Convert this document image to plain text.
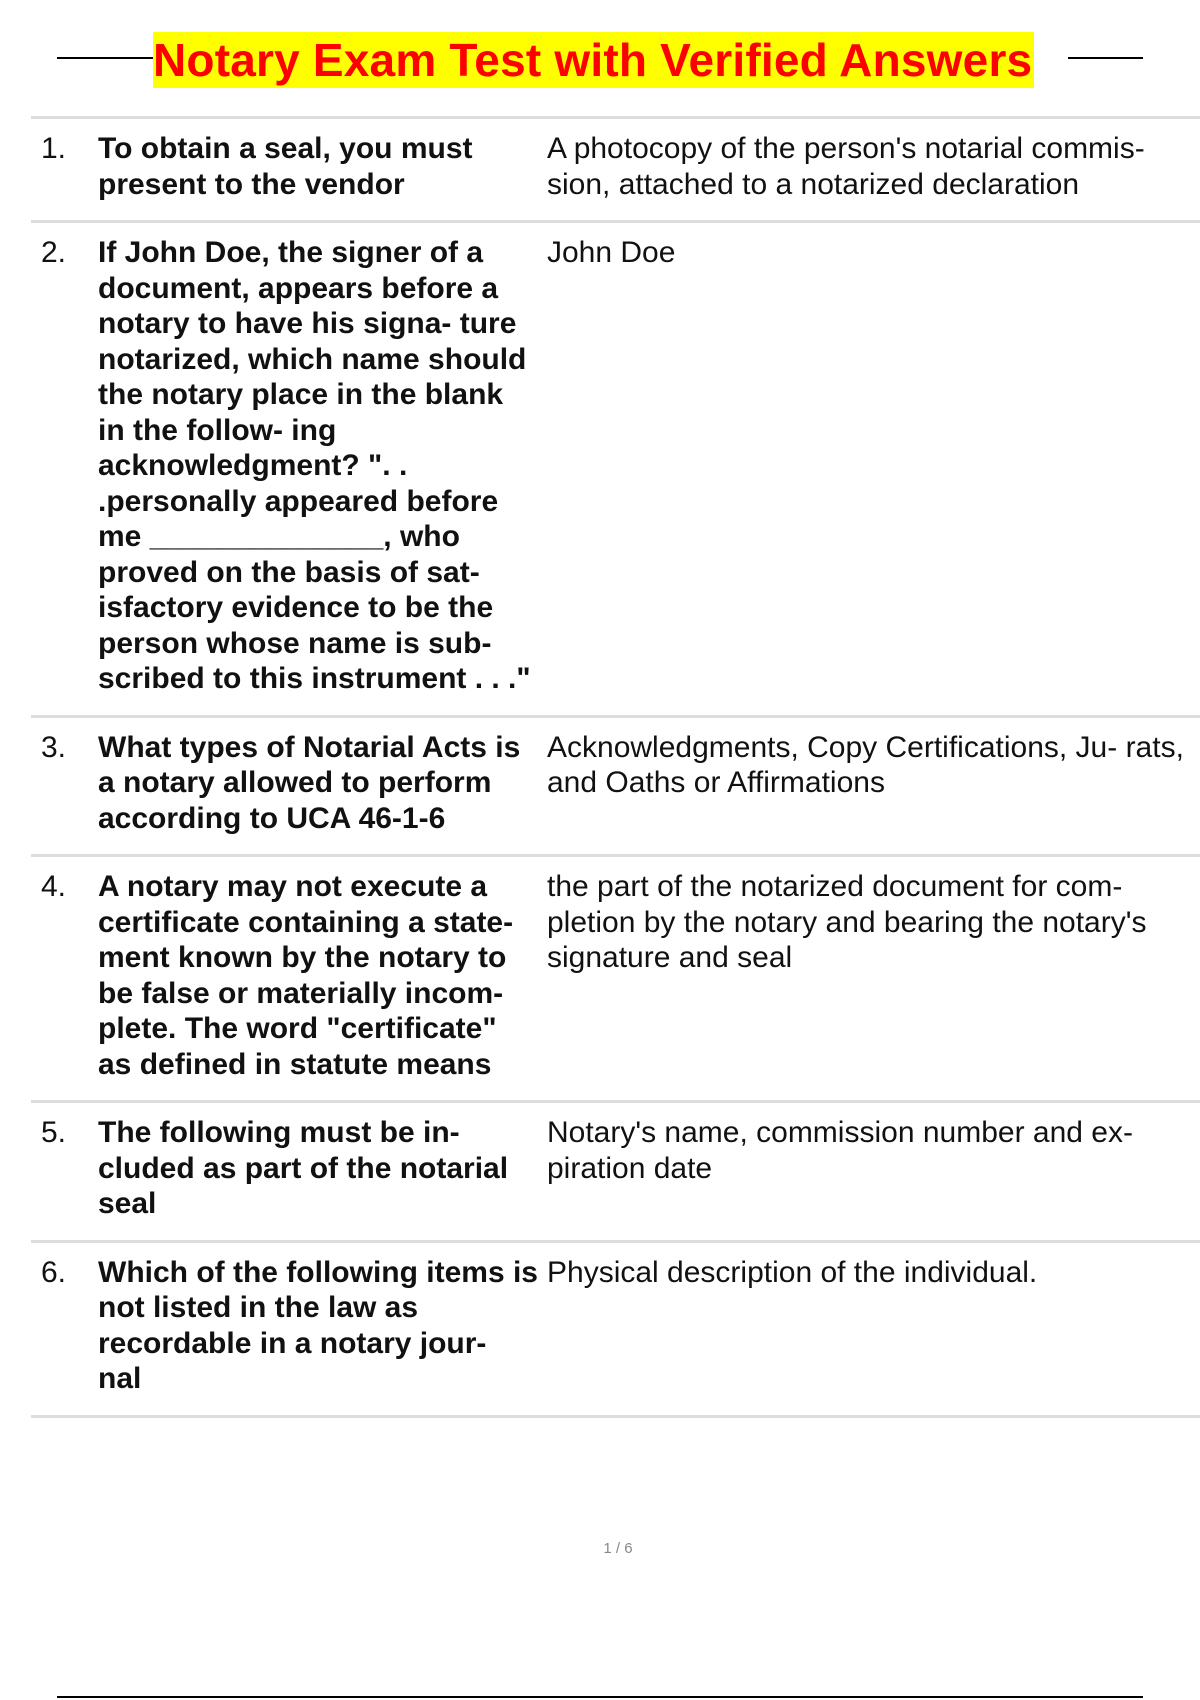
Notary Exam Test with Verified Answers
1. To obtain a seal, you must present to the vendor
A photocopy of the person's notarial commis- sion, attached to a notarized declaration
2. If John Doe, the signer of a document, appears before a notary to have his signa- ture notarized, which name should the notary place in the blank in the follow- ing acknowledgment? ". . .personally appeared before me ______________, who proved on the basis of sat- isfactory evidence to be the person whose name is sub- scribed to this instrument . . ."
John Doe
3. What types of Notarial Acts is a notary allowed to perform according to UCA 46-1-6
Acknowledgments, Copy Certifications, Ju- rats, and Oaths or Affirmations
4. A notary may not execute a certificate containing a state- ment known by the notary to be false or materially incom- plete. The word "certificate" as defined in statute means
the part of the notarized document for com- pletion by the notary and bearing the notary's signature and seal
5. The following must be in- cluded as part of the notarial seal
Notary's name, commission number and ex- piration date
6. Which of the following items is not listed in the law as recordable in a notary jour- nal
Physical description of the individual.
1 / 6
